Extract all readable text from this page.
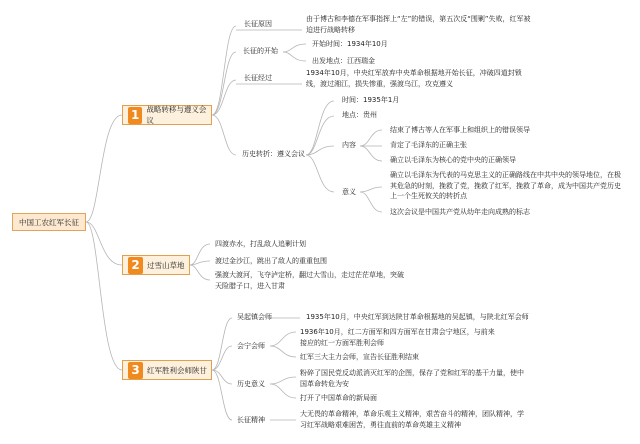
中国工农红军长征
1 战略转移与遵义会议
2 过雪山草地
3 红军胜利会师陕甘
长征原因
由于博古和李德在军事指挥上“左”的错误，第五次反“围剿”失败，红军被迫进行战略转移
长征的开始
开始时间：1934年10月
出发地点：江西瑞金
长征经过
1934年10月，中央红军放弃中央革命根据地开始长征，冲破四道封锁线，渡过湘江，损失惨重，强渡乌江，攻克遵义
历史转折：遵义会议
时间：1935年1月
地点：贵州
内容
结束了博古等人在军事上和组织上的错误领导
肯定了毛泽东的正确主张
确立以毛泽东为核心的党中央的正确领导
意义
确立以毛泽东为代表的马克思主义的正确路线在中共中央的领导地位，在极其危急的时刻，挽救了党，挽救了红军，挽救了革命，成为中国共产党历史上一个生死攸关的转折点
这次会议是中国共产党从幼年走向成熟的标志
四渡赤水，打乱敌人追剿计划
渡过金沙江，跳出了敌人的重重包围
强渡大渡河，飞夺泸定桥，翻过大雪山，走过茫茫草地，突破天险腊子口，进入甘肃
吴起镇会师	1935年10月，中央红军到达陕甘革命根据地的吴起镇，与陕北红军会师
会宁会师
1936年10月，红二方面军和四方面军在甘肃会宁地区，与前来接应的红一方面军胜利会师
红军三大主力会师，宣告长征胜利结束
历史意义
粉碎了国民党反动派消灭红军的企图，保存了党和红军的基干力量，使中国革命转危为安
打开了中国革命的新局面
长征精神
大无畏的革命精神，革命乐观主义精神，艰苦奋斗的精神，团队精神，学习红军战略艰难困苦，勇往直前的革命英雄主义精神
